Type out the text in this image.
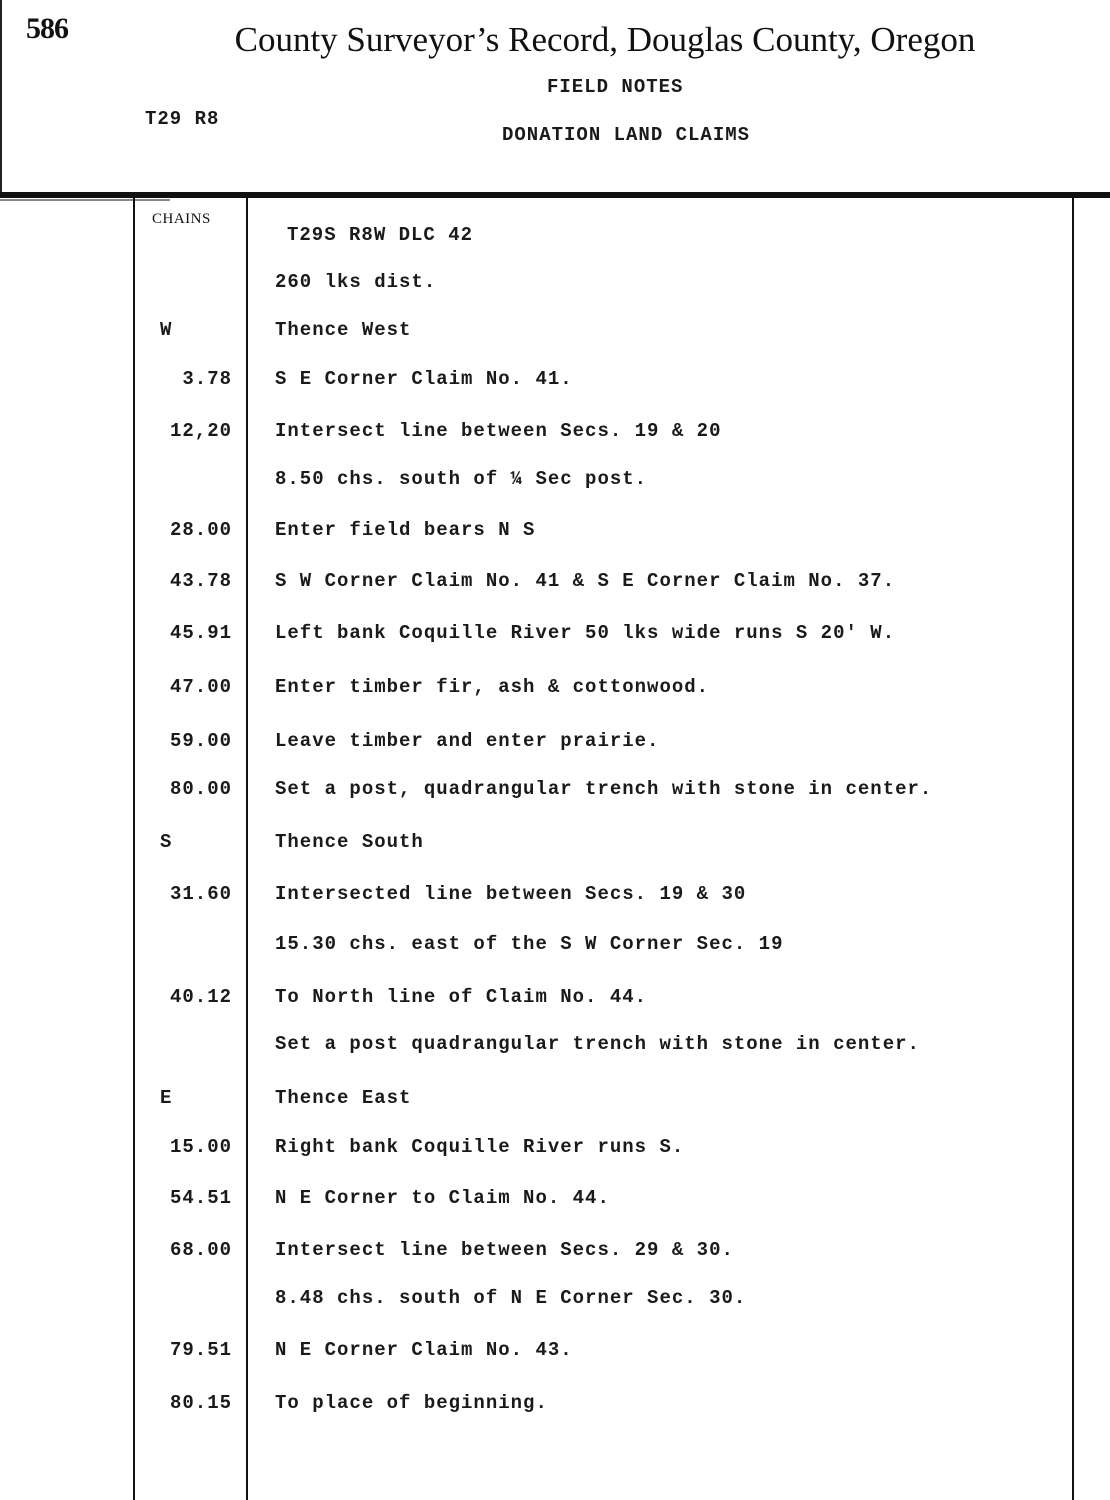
586	County Surveyor’s Record, Douglas County, Oregon
FIELD NOTES
T29 R8
DONATION LAND CLAIMS
CHAINS
T29S R8W DLC 42
260 lks dist.
W	Thence West
3.78 S E Corner Claim No. 41.
12,20 Intersect line between Secs. 19 & 20
8.50 chs. south of ¼ Sec post.
28.00 Enter field bears N S
43.78 S W Corner Claim No. 41 & S E Corner Claim No. 37.
45.91 Left bank Coquille River 50 lks wide runs S 20' W.
47.00 Enter timber fir, ash & cottonwood.
59.00 Leave timber and enter prairie.
80.00 Set a post, quadrangular trench with stone in center.
S	Thence South
31.60 Intersected line between Secs. 19 & 30
15.30 chs. east of the S W Corner Sec. 19
40.12 To North line of Claim No. 44.
Set a post quadrangular trench with stone in center.
E	Thence East
15.00 Right bank Coquille River runs S.
54.51 N E Corner to Claim No. 44.
68.00 Intersect line between Secs. 29 & 30.
8.48 chs. south of N E Corner Sec. 30.
79.51 N E Corner Claim No. 43.
80.15 To place of beginning.
